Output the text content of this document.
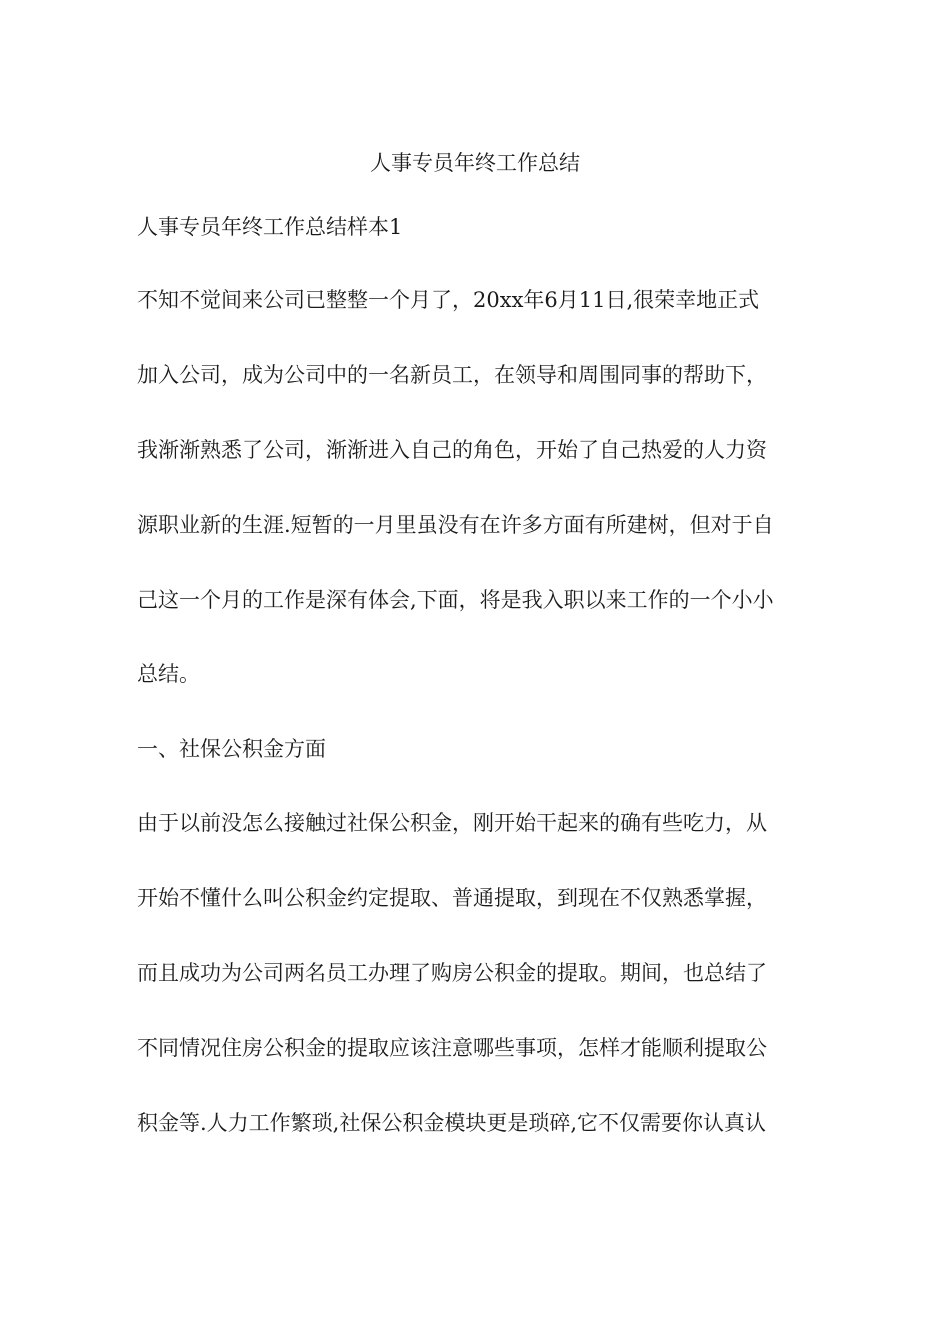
人事专员年终工作总结
人事专员年终工作总结样本1
不知不觉间来公司已整整一个月了，20xx年6月11日,很荣幸地正式
加入公司，成为公司中的一名新员工，在领导和周围同事的帮助下，
我渐渐熟悉了公司，渐渐进入自己的角色，开始了自己热爱的人力资
源职业新的生涯.短暂的一月里虽没有在许多方面有所建树，但对于自
己这一个月的工作是深有体会,下面，将是我入职以来工作的一个小小
总结。
一、社保公积金方面
由于以前没怎么接触过社保公积金，刚开始干起来的确有些吃力，从
开始不懂什么叫公积金约定提取、普通提取，到现在不仅熟悉掌握，
而且成功为公司两名员工办理了购房公积金的提取。期间，也总结了
不同情况住房公积金的提取应该注意哪些事项，怎样才能顺利提取公
积金等.人力工作繁琐,社保公积金模块更是琐碎,它不仅需要你认真认
